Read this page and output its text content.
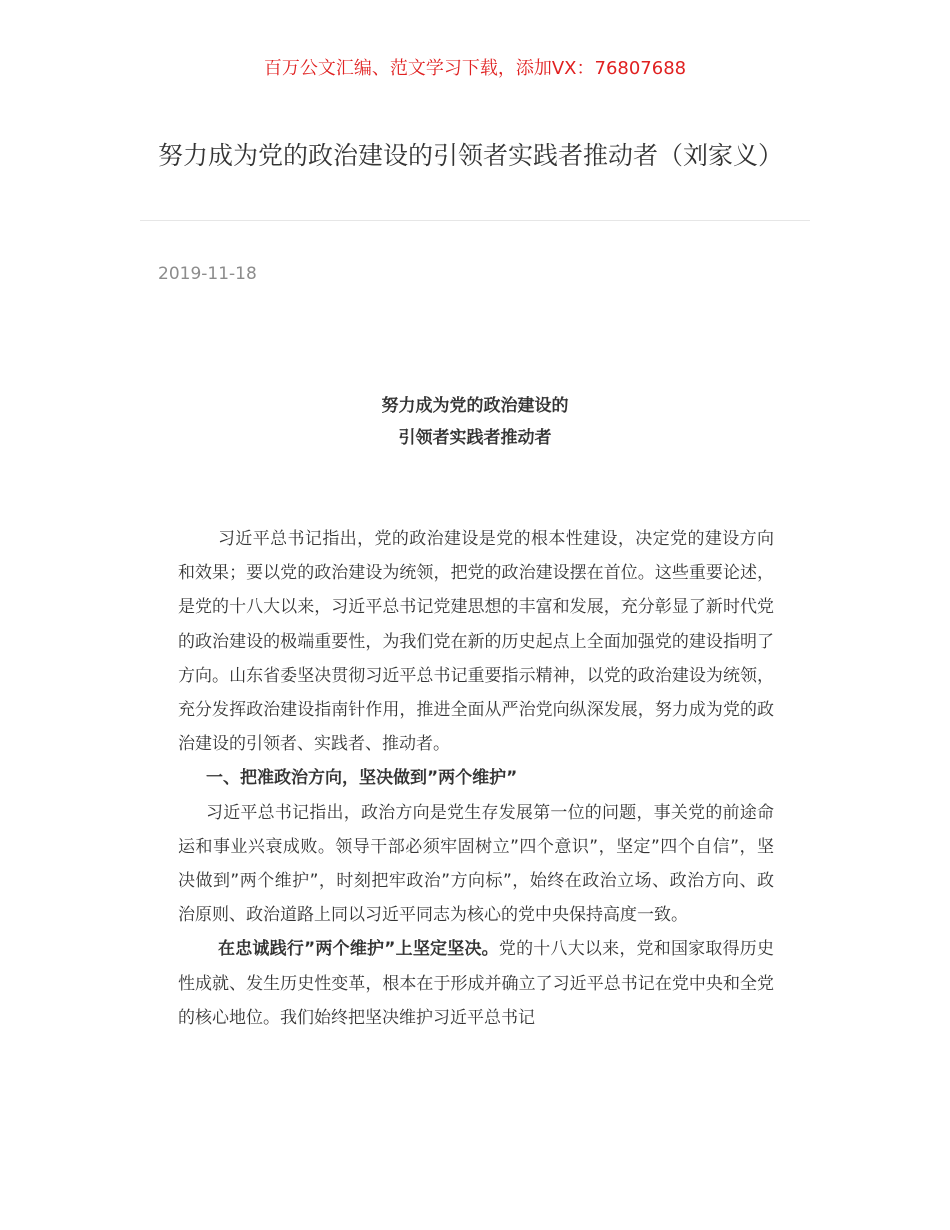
百万公文汇编、范文学习下载，添加VX：76807688
努力成为党的政治建设的引领者实践者推动者（刘家义）
2019-11-18
努力成为党的政治建设的
引领者实践者推动者

习近平总书记指出，党的政治建设是党的根本性建设，决定党的建设方向和效果；要以党的政治建设为统领，把党的政治建设摆在首位。这些重要论述，是党的十八大以来，习近平总书记党建思想的丰富和发展，充分彰显了新时代党的政治建设的极端重要性，为我们党在新的历史起点上全面加强党的建设指明了方向。山东省委坚决贯彻习近平总书记重要指示精神，以党的政治建设为统领，充分发挥政治建设指南针作用，推进全面从严治党向纵深发展，努力成为党的政治建设的引领者、实践者、推动者。

一、把准政治方向，坚决做到”两个维护”

习近平总书记指出，政治方向是党生存发展第一位的问题，事关党的前途命运和事业兴衰成败。领导干部必须牢固树立”四个意识”，坚定”四个自信”，坚决做到”两个维护”，时刻把牢政治”方向标”，始终在政治立场、政治方向、政治原则、政治道路上同以习近平同志为核心的党中央保持高度一致。

在忠诚践行”两个维护”上坚定坚决。党的十八大以来，党和国家取得历史性成就、发生历史性变革，根本在于形成并确立了习近平总书记在党中央和全党的核心地位。我们始终把坚决维护习近平总书记
